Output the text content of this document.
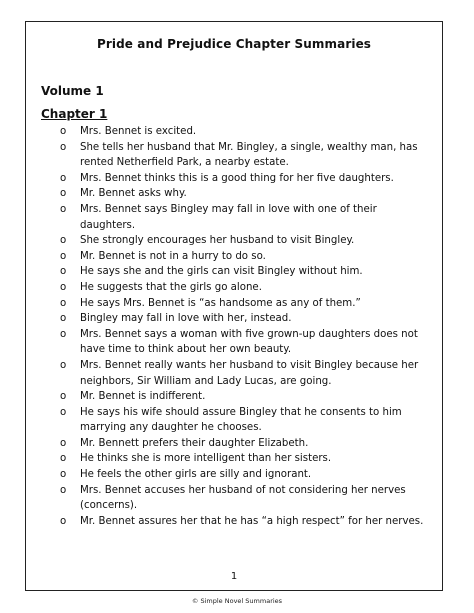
Pride and Prejudice Chapter Summaries
Volume 1
Chapter 1
o	Mrs. Bennet is excited.
o	She tells her husband that Mr. Bingley, a single, wealthy man, has rented Netherfield Park, a nearby estate.
o	Mrs. Bennet thinks this is a good thing for her five daughters.
o	Mr. Bennet asks why.
o	Mrs. Bennet says Bingley may fall in love with one of their daughters.
o	She strongly encourages her husband to visit Bingley.
o	Mr. Bennet is not in a hurry to do so.
o	He says she and the girls can visit Bingley without him.
o	He suggests that the girls go alone.
o	He says Mrs. Bennet is “as handsome as any of them.”
o	Bingley may fall in love with her, instead.
o	Mrs. Bennet says a woman with five grown-up daughters does not have time to think about her own beauty.
o	Mrs. Bennet really wants her husband to visit Bingley because her neighbors, Sir William and Lady Lucas, are going.
o	Mr. Bennet is indifferent.
o	He says his wife should assure Bingley that he consents to him marrying any daughter he chooses.
o	Mr. Bennett prefers their daughter Elizabeth.
o	He thinks she is more intelligent than her sisters.
o	He feels the other girls are silly and ignorant.
o	Mrs. Bennet accuses her husband of not considering her nerves (concerns).
o	Mr. Bennet assures her that he has “a high respect” for her nerves.
1
© Simple Novel Summaries
